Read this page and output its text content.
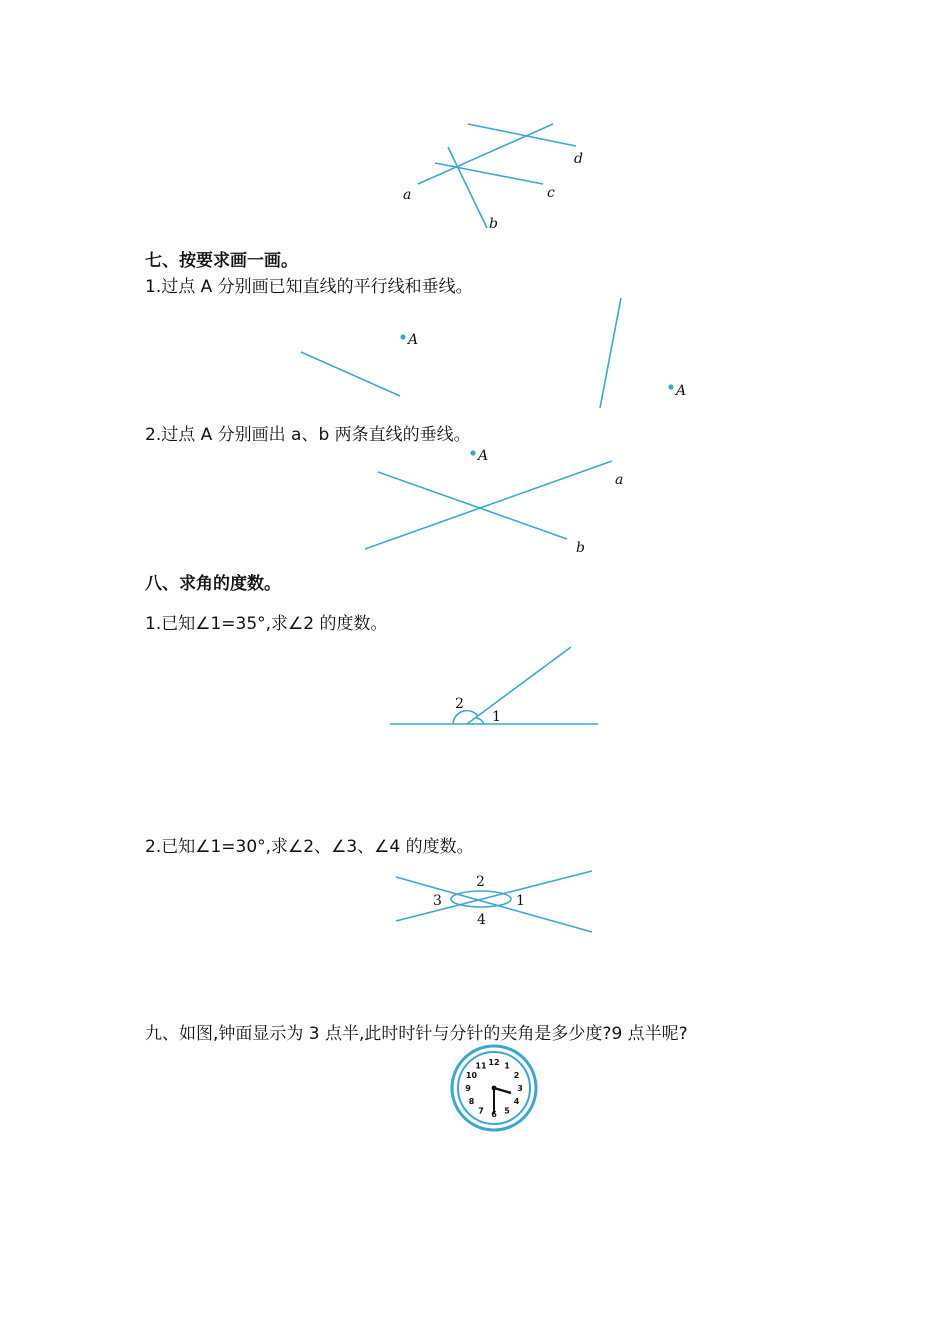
a
b
c
d
七、按要求画一画。
1.过点 A 分别画已知直线的平行线和垂线。
A
A
2.过点 A 分别画出 a、b 两条直线的垂线。
A
a
b
八、求角的度数。
1.已知∠1=35°,求∠2 的度数。
2
1
2.已知∠1=30°,求∠2、∠3、∠4 的度数。
2
3	1
4
九、如图,钟面显示为 3 点半,此时时针与分针的夹角是多少度?9 点半呢?
12 1
2
3
4
5
6
7
8
9
10
11
